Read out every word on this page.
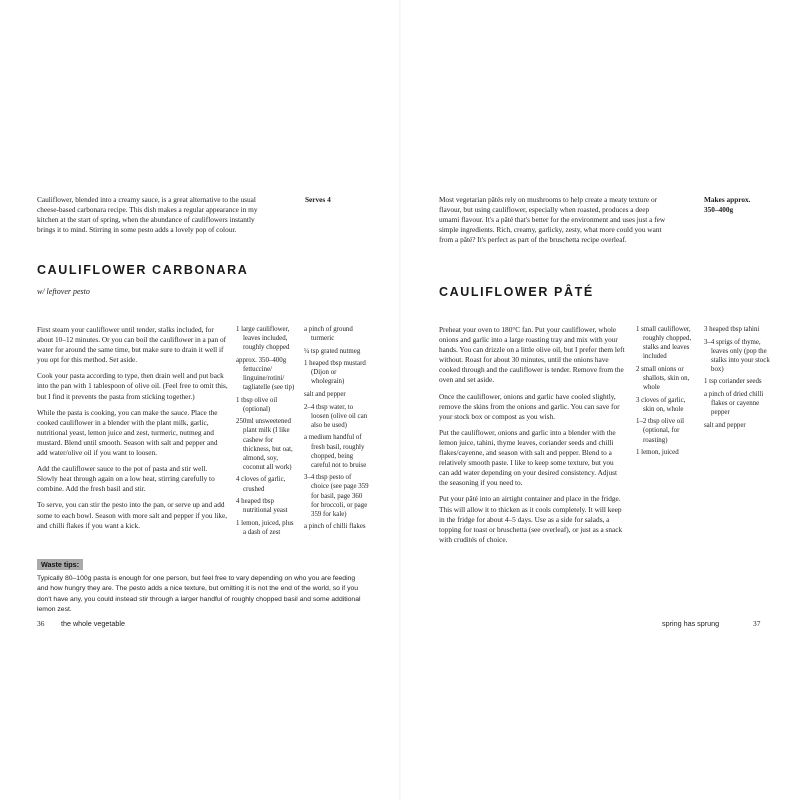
Cauliflower, blended into a creamy sauce, is a great alternative to the usual cheese-based carbonara recipe. This dish makes a regular appearance in my kitchen at the start of spring, when the abundance of cauliflowers instantly brings it to mind. Stirring in some pesto adds a lovely pop of colour.
Serves 4
CAULIFLOWER CARBONARA
w/ leftover pesto

First steam your cauliflower until tender, stalks included, for about 10–12 minutes. Or you can boil the cauliflower in a pan of water for around the same time, but make sure to drain it well if you opt for this method. Set aside.

Cook your pasta according to type, then drain well and put back into the pan with 1 tablespoon of olive oil. (Feel free to omit this, but I find it prevents the pasta from sticking together.)

While the pasta is cooking, you can make the sauce. Place the cooked cauliflower in a blender with the plant milk, garlic, nutritional yeast, lemon juice and zest, turmeric, nutmeg and mustard. Blend until smooth. Season with salt and pepper and add water/olive oil if you want to loosen.

Add the cauliflower sauce to the pot of pasta and stir well. Slowly heat through again on a low heat, stirring carefully to combine. Add the fresh basil and stir.

To serve, you can stir the pesto into the pan, or serve up and add some to each bowl. Season with more salt and pepper if you like, and chilli flakes if you want a kick.

1 large cauliflower, leaves included, roughly chopped
approx. 350–400g fettuccine/ linguine/rotini/ tagliatelle (see tip)
1 tbsp olive oil (optional)
250ml unsweetened plant milk (I like cashew for thickness, but oat, almond, soy, coconut all work)
4 cloves of garlic, crushed
4 heaped tbsp nutritional yeast
1 lemon, juiced, plus a dash of zest
a pinch of ground turmeric
¼ tsp grated nutmeg
1 heaped tbsp mustard (Dijon or wholegrain)
salt and pepper
2–4 tbsp water, to loosen (olive oil can also be used)
a medium handful of fresh basil, roughly chopped, being careful not to bruise
3–4 tbsp pesto of choice (see page 359 for basil, page 360 for broccoli, or page 359 for kale)
a pinch of chilli flakes
Waste tips:
Typically 80–100g pasta is enough for one person, but feel free to vary depending on who you are feeding and how hungry they are. The pesto adds a nice texture, but omitting it is not the end of the world, so if you don't have any, you could instead stir through a larger handful of roughly chopped basil and some additional lemon zest.
36 the whole vegetable
Most vegetarian pâtés rely on mushrooms to help create a meaty texture or flavour, but using cauliflower, especially when roasted, produces a deep umami flavour. It's a pâté that's better for the environment and uses just a few simple ingredients. Rich, creamy, garlicky, zesty, what more could you want from a pâté? It's perfect as part of the bruschetta recipe overleaf.
Makes approx. 350–400g
CAULIFLOWER PÂTÉ

Preheat your oven to 180°C fan. Put your cauliflower, whole onions and garlic into a large roasting tray and mix with your hands. You can drizzle on a little olive oil, but I prefer them left without. Roast for about 30 minutes, until the onions have cooked through and the cauliflower is tender. Remove from the oven and set aside.

Once the cauliflower, onions and garlic have cooled slightly, remove the skins from the onions and garlic. You can save for your stock box or compost as you wish.

Put the cauliflower, onions and garlic into a blender with the lemon juice, tahini, thyme leaves, coriander seeds and chilli flakes/cayenne, and season with salt and pepper. Blend to a relatively smooth paste. I like to keep some texture, but you can add water depending on your desired consistency. Adjust the seasoning if you need to.

Put your pâté into an airtight container and place in the fridge. This will allow it to thicken as it cools completely. It will keep in the fridge for about 4–5 days. Use as a side for salads, a topping for toast or bruschetta (see overleaf), or just as a snack with crudités of choice.

1 small cauliflower, roughly chopped, stalks and leaves included
2 small onions or shallots, skin on, whole
3 cloves of garlic, skin on, whole
1–2 tbsp olive oil (optional, for roasting)
1 lemon, juiced
3 heaped tbsp tahini
3–4 sprigs of thyme, leaves only (pop the stalks into your stock box)
1 tsp coriander seeds
a pinch of dried chilli flakes or cayenne pepper
salt and pepper
spring has sprung	37
